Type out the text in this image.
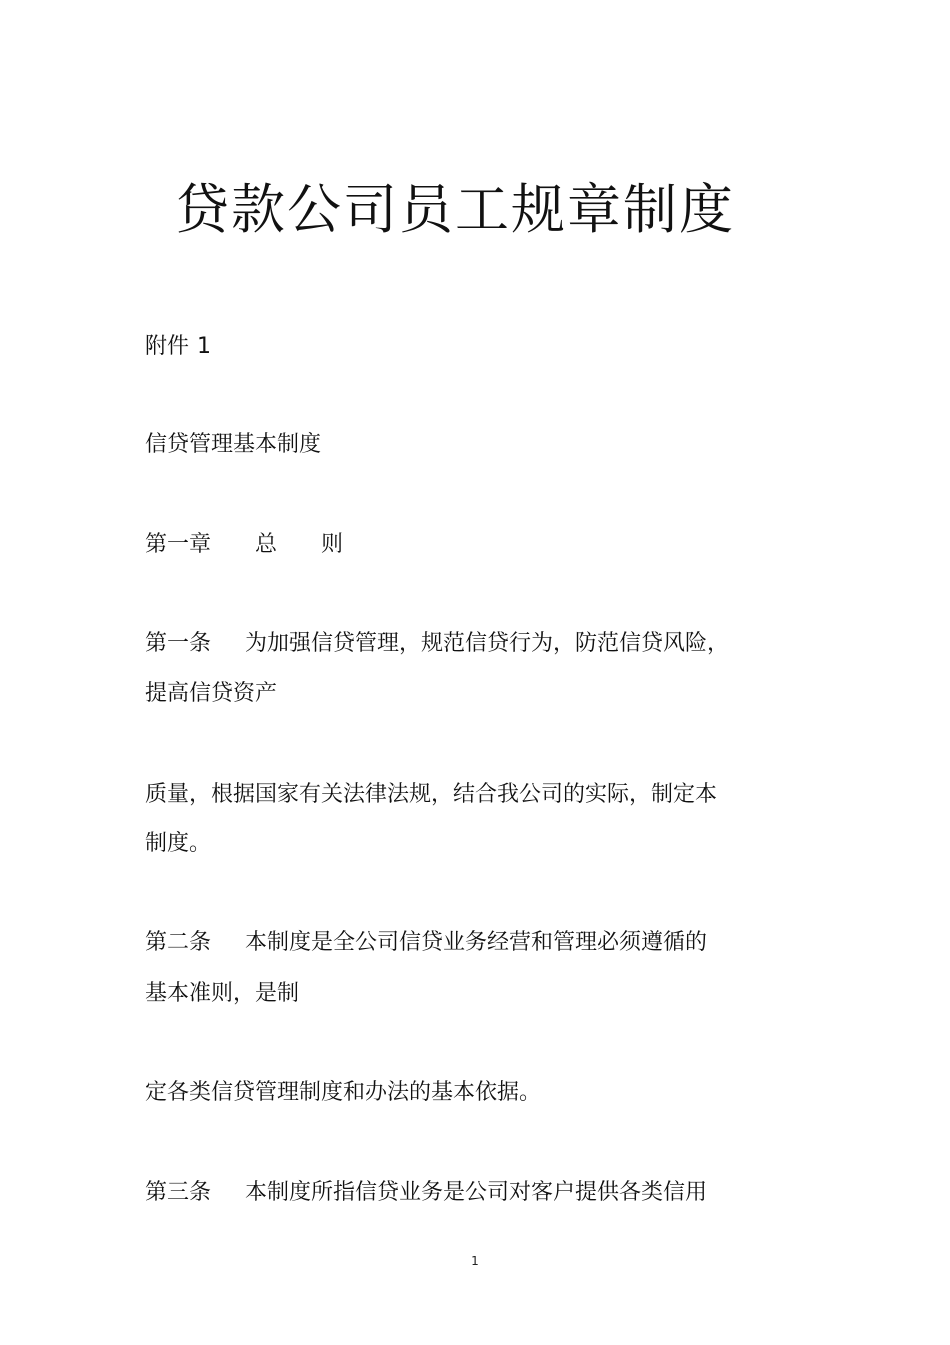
贷款公司员工规章制度
附件 1
信贷管理基本制度
第一章 总 则
第一条 为加强信贷管理，规范信贷行为，防范信贷风险，
提高信贷资产
质量，根据国家有关法律法规，结合我公司的实际，制定本
制度。
第二条 本制度是全公司信贷业务经营和管理必须遵循的
基本准则，是制
定各类信贷管理制度和办法的基本依据。
第三条 本制度所指信贷业务是公司对客户提供各类信用
1
